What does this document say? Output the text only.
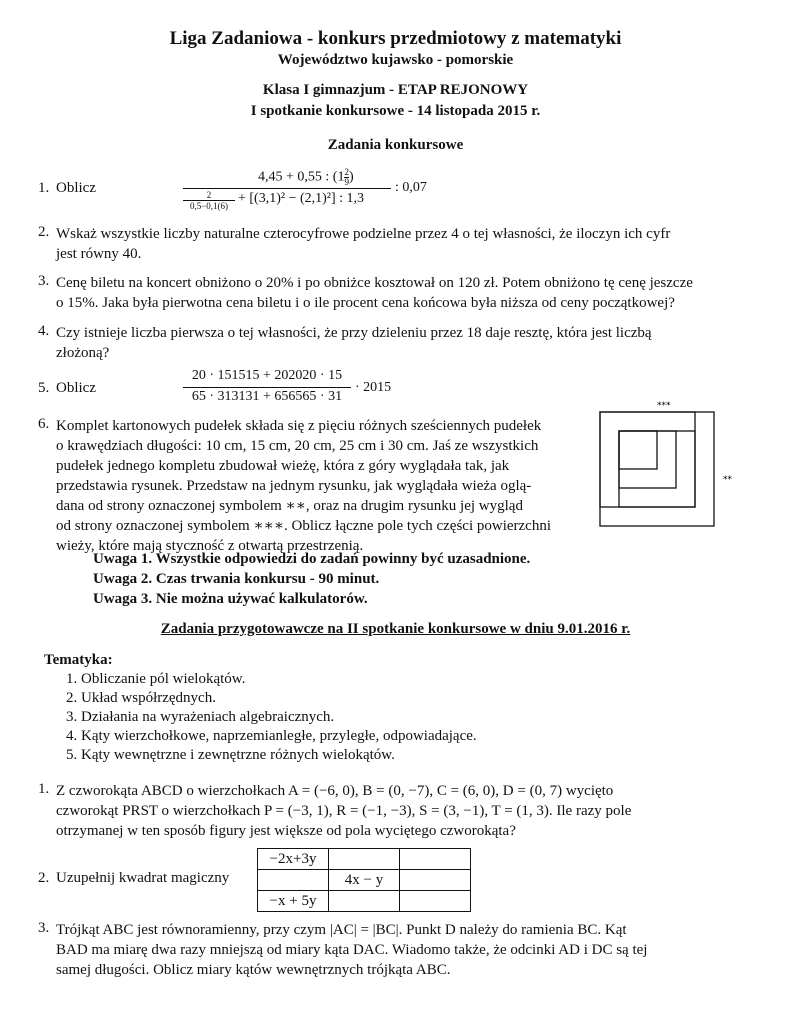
Liga Zadaniowa - konkurs przedmiotowy z matematyki
Województwo kujawsko - pomorskie
Klasa I gimnazjum - ETAP REJONOWY
I spotkanie konkursowe - 14 listopada 2015 r.
Zadania konkursowe
1. Oblicz
4,45 + 0,55 : ($1 \frac{2}{9}$ )
2
0,5−0,1(6) + [(3,1)² − (2,1)²] : 1,3
: 0,07
2. Wskaż wszystkie liczby naturalne czterocyfrowe podzielne przez 4 o tej własności, że iloczyn ich cyfr
jest równy 40.
3. Cenę biletu na koncert obniżono o 20% i po obniżce kosztował on 120 zł. Potem obniżono tę cenę jeszcze
o 15%. Jaka była pierwotna cena biletu i o ile procent cena końcowa była niższa od ceny początkowej?
4. Czy istnieje liczba pierwsza o tej własności, że przy dzieleniu przez 18 daje resztę, która jest liczbą
złożoną?
5. Oblicz
20 · 151515 + 202020 · 15
65 · 313131 + 656565 · 31
· 2015
6. Komplet kartonowych pudełek składa się z pięciu różnych sześciennych pudełek
o krawędziach długości: 10 cm, 15 cm, 20 cm, 25 cm i 30 cm. Jaś ze wszystkich
pudełek jednego kompletu zbudował wieżę, która z góry wyglądała tak, jak
przedstawia rysunek. Przedstaw na jednym rysunku, jak wyglądała wieża oglą-
dana od strony oznaczonej symbolem ∗∗, oraz na drugim rysunku jej wygląd
od strony oznaczonej symbolem ∗∗∗. Oblicz łączne pole tych części powierzchni
wieży, które mają styczność z otwartą przestrzenią.
***
**
Uwaga 1. Wszystkie odpowiedzi do zadań powinny być uzasadnione.
Uwaga 2. Czas trwania konkursu - 90 minut.
Uwaga 3. Nie można używać kalkulatorów.
Zadania przygotowawcze na II spotkanie konkursowe w dniu 9.01.2016 r.
Tematyka:
1. Obliczanie pól wielokątów.
2. Układ współrzędnych.
3. Działania na wyrażeniach algebraicznych.
4. Kąty wierzchołkowe, naprzemianległe, przyległe, odpowiadające.
5. Kąty wewnętrzne i zewnętrzne różnych wielokątów.
1. Z czworokąta ABCD o wierzchołkach A = (−6, 0), B = (0, −7), C = (6, 0), D = (0, 7) wycięto
czworokąt PRST o wierzchołkach P = (−3, 1), R = (−1, −3), S = (3, −1), T = (1, 3). Ile razy pole
otrzymanej w ten sposób figury jest większe od pola wyciętego czworokąta?
2. Uzupełnij kwadrat magiczny
−2x+3y		
	4x − y	
−x + 5y		
3. Trójkąt ABC jest równoramienny, przy czym |AC| = |BC|. Punkt D należy do ramienia BC. Kąt
BAD ma miarę dwa razy mniejszą od miary kąta DAC. Wiadomo także, że odcinki AD i DC są tej
samej długości. Oblicz miary kątów wewnętrznych trójkąta ABC.
